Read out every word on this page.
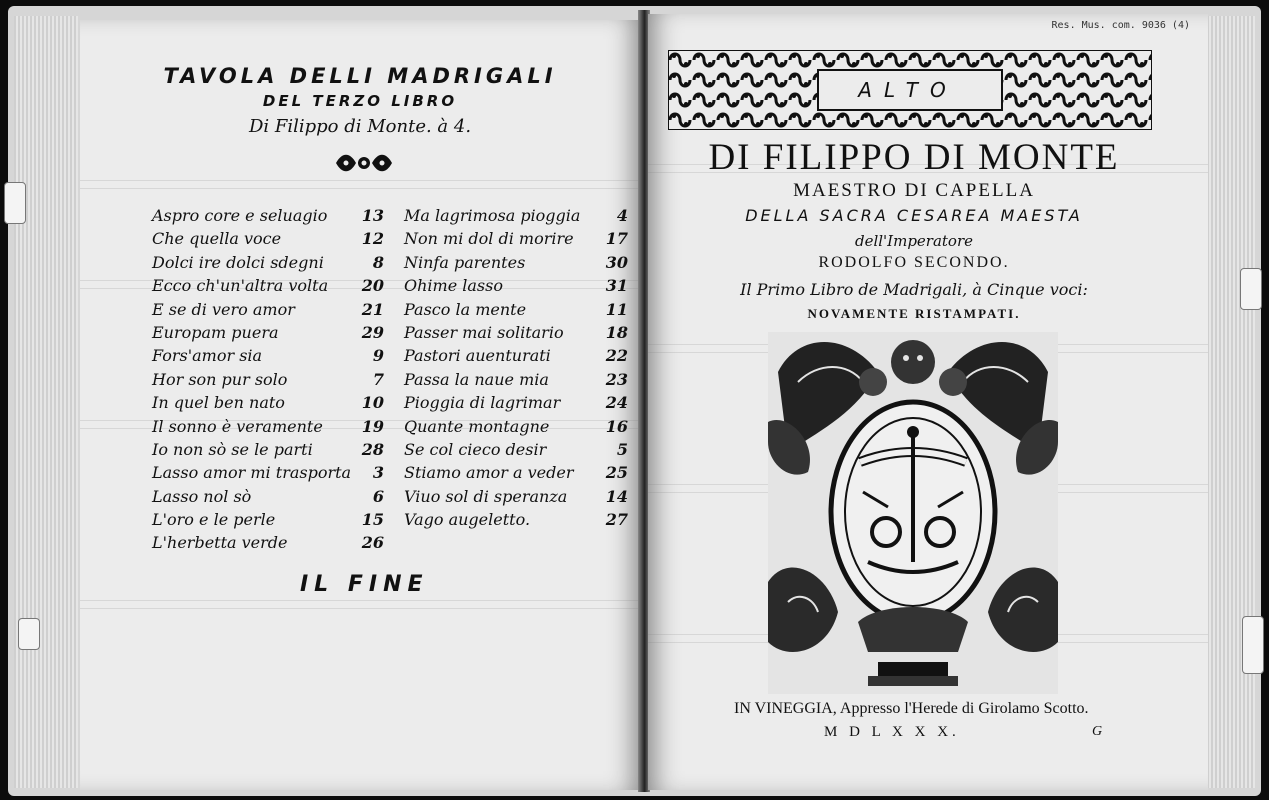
TAVOLA DELLI MADRIGALI
DEL TERZO LIBRO
Di Filippo di Monte. à 4.
Aspro core e seluagio 13
Che quella voce	12
Dolci ire dolci sdegni	8
Ecco ch'un'altra volta 20
E se di vero amor	21
Europam puera	29
Fors'amor sia	9
Hor son pur solo	7
In quel ben nato	10
Il sonno è veramente 19
Io non sò se le parti	28
Lasso amor mi trasporta 3
Lasso nol sò	6
L'oro e le perle	15
L'herbetta verde	26
Ma lagrimosa pioggia 4
Non mi dol di morire 17
Ninfa parentes	30
Ohime lasso	31
Pasco la mente	11
Passer mai solitario	18
Pastori auenturati	22
Passa la naue mia	23
Pioggia di lagrimar	24
Quante montagne	16
Se col cieco desir	5
Stiamo amor a veder 25
Viuo sol di speranza 14
Vago augeletto.	27
IL FINE
Res. Mus. com. 9036 (4)
ALTO
DI FILIPPO DI MONTE
MAESTRO DI CAPELLA
DELLA SACRA CESAREA MAESTA
dell'Imperatore
RODOLFO SECONDO.
Il Primo Libro de Madrigali, à Cinque voci:
NOVAMENTE RISTAMPATI.
IN VINEGGIA, Appresso l'Herede di Girolamo Scotto.
M D L X X X.	G
